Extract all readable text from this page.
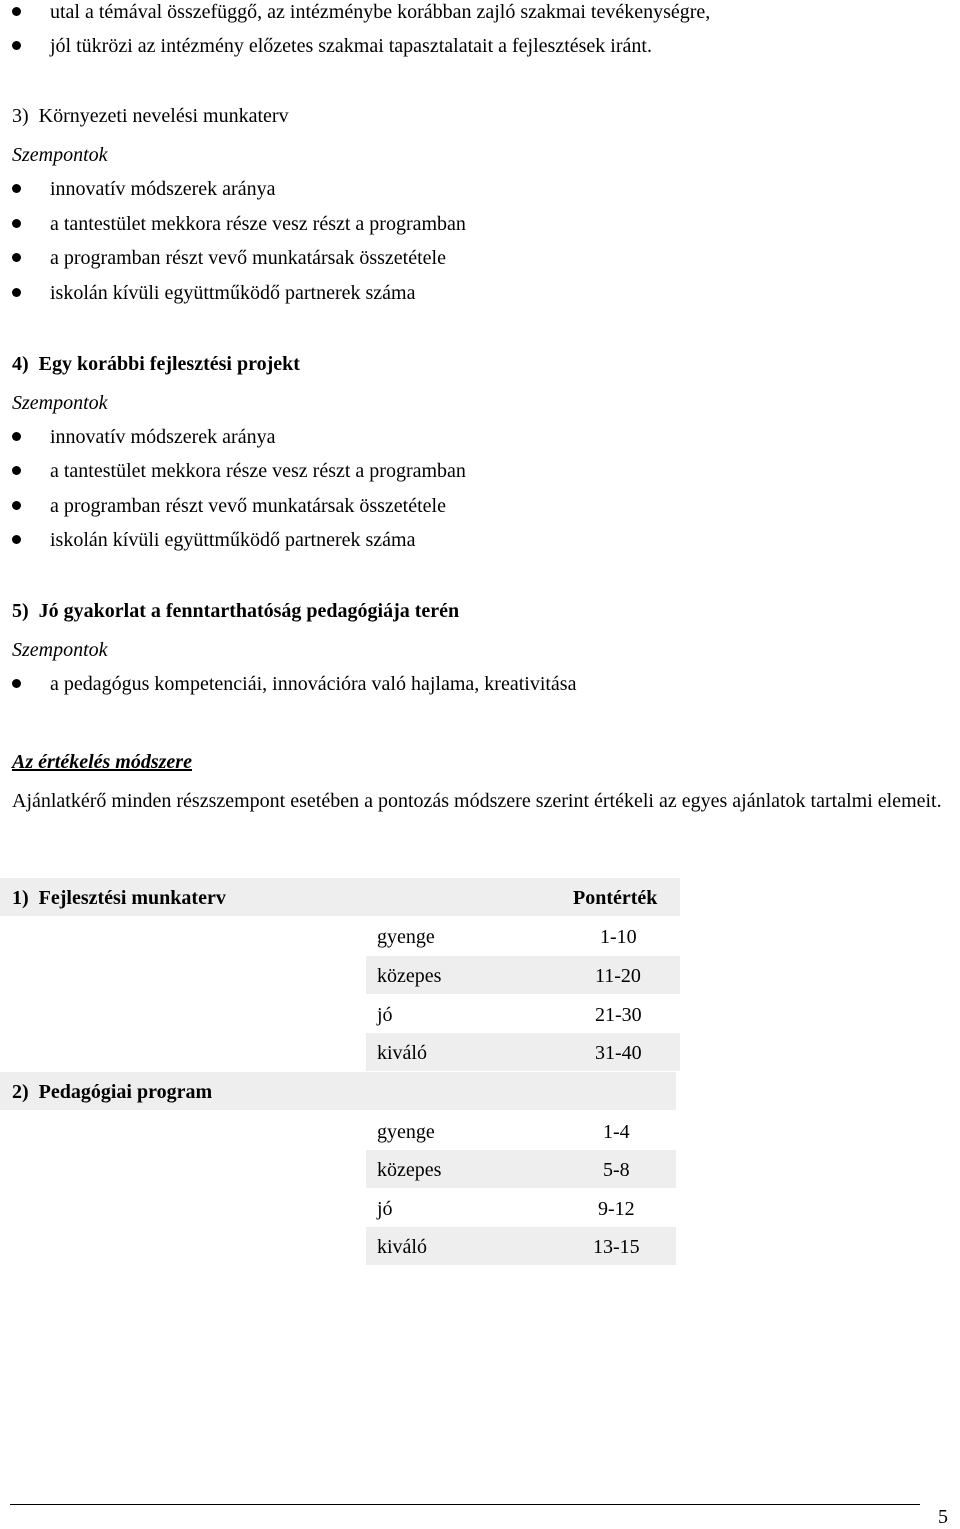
utal a témával összefüggő, az intézménybe korábban zajló szakmai tevékenységre,
jól tükrözi az intézmény előzetes szakmai tapasztalatait a fejlesztések iránt.
3)  Környezeti nevelési munkaterv
Szempontok
innovatív módszerek aránya
a tantestület mekkora része vesz részt a programban
a programban részt vevő munkatársak összetétele
iskolán kívüli együttműködő partnerek száma
4)  Egy korábbi fejlesztési projekt
Szempontok
innovatív módszerek aránya
a tantestület mekkora része vesz részt a programban
a programban részt vevő munkatársak összetétele
iskolán kívüli együttműködő partnerek száma
5)  Jó gyakorlat a fenntarthatóság pedagógiája terén
Szempontok
a pedagógus kompetenciái, innovációra való hajlama, kreativitása
Az értékelés módszere
Ajánlatkérő minden részszempont esetében a pontozás módszere szerint értékeli az egyes ajánlatok tartalmi elemeit.
1)  Fejlesztési munkaterv	Pontérték
gyenge	1-10
közepes	11-20
jó	21-30
kiváló	31-40
2)  Pedagógiai program
gyenge	1-4
közepes	5-8
jó	9-12
kiváló	13-15
5
